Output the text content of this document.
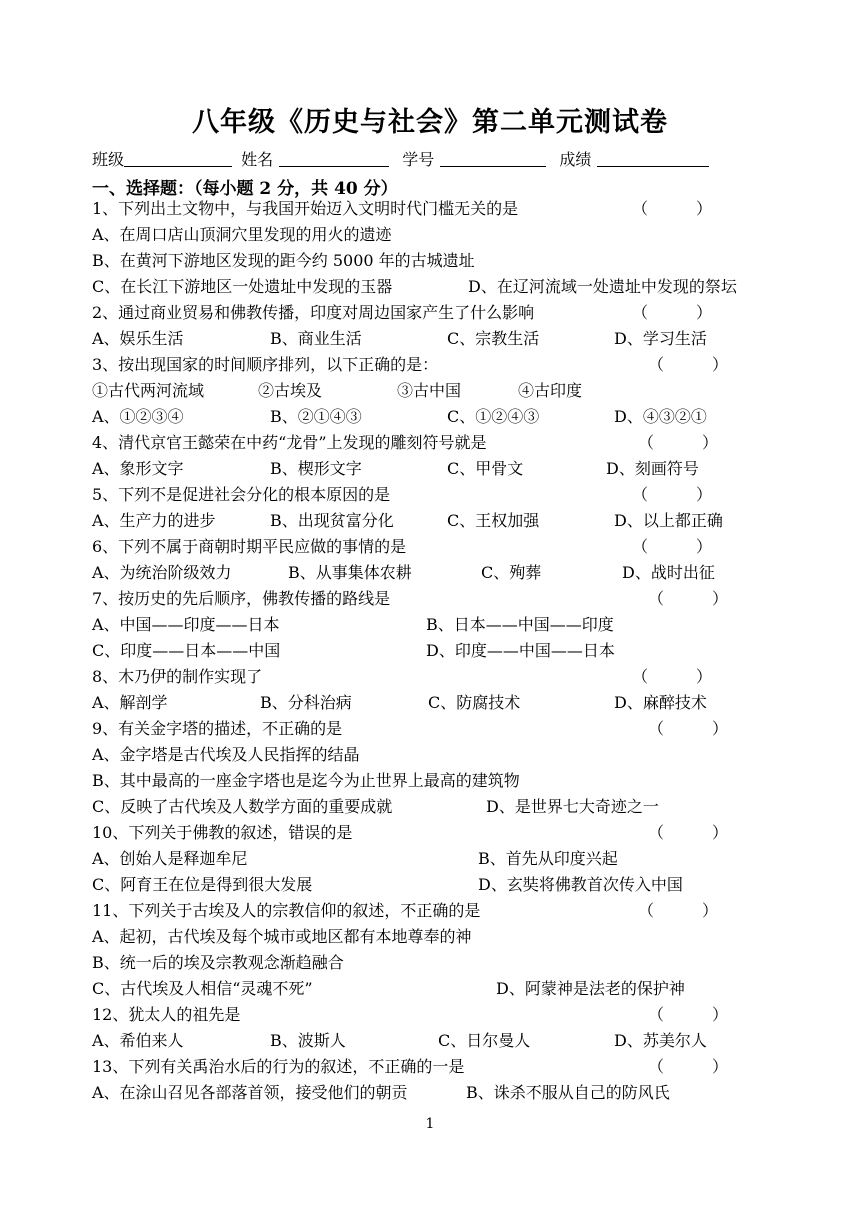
八年级《历史与社会》第二单元测试卷
班级	姓名	学号	成绩
一、选择题：（每小题 2 分，共 40 分）
1、下列出土文物中，与我国开始迈入文明时代门槛无关的是	（　　　）
A、在周口店山顶洞穴里发现的用火的遗迹
B、在黄河下游地区发现的距今约 5000 年的古城遗址
C、在长江下游地区一处遗址中发现的玉器	D、在辽河流域一处遗址中发现的祭坛
2、通过商业贸易和佛教传播，印度对周边国家产生了什么影响	（　　　）
A、娱乐生活	B、商业生活	C、宗教生活	D、学习生活
3、按出现国家的时间顺序排列，以下正确的是：	（　　　）
①古代两河流域	②古埃及	③古中国	④古印度
A、①②③④	B、②①④③	C、①②④③	D、④③②①
4、清代京官王懿荣在中药“龙骨”上发现的雕刻符号就是	（　　　）
A、象形文字	B、楔形文字	C、甲骨文	D、刻画符号
5、下列不是促进社会分化的根本原因的是	（　　　）
A、生产力的进步	B、出现贫富分化	C、王权加强	D、以上都正确
6、下列不属于商朝时期平民应做的事情的是	（　　　）
A、为统治阶级效力	B、从事集体农耕	C、殉葬	D、战时出征
7、按历史的先后顺序，佛教传播的路线是	（　　　）
A、中国——印度——日本	B、日本——中国——印度
C、印度——日本——中国	D、印度——中国——日本
8、木乃伊的制作实现了	（　　　）
A、解剖学	B、分科治病	C、防腐技术	D、麻醉技术
9、有关金字塔的描述，不正确的是	（　　　）
A、金字塔是古代埃及人民指挥的结晶
B、其中最高的一座金字塔也是迄今为止世界上最高的建筑物
C、反映了古代埃及人数学方面的重要成就	D、是世界七大奇迹之一
10、下列关于佛教的叙述，错误的是	（　　　）
A、创始人是释迦牟尼	B、首先从印度兴起
C、阿育王在位是得到很大发展	D、玄奘将佛教首次传入中国
11、下列关于古埃及人的宗教信仰的叙述，不正确的是	（　　　）
A、起初，古代埃及每个城市或地区都有本地尊奉的神
B、统一后的埃及宗教观念渐趋融合
C、古代埃及人相信“灵魂不死”	D、阿蒙神是法老的保护神
12、犹太人的祖先是	（　　　）
A、希伯来人	B、波斯人	C、日尔曼人	D、苏美尔人
13、下列有关禹治水后的行为的叙述，不正确的一是	（　　　）
A、在涂山召见各部落首领，接受他们的朝贡	B、诛杀不服从自己的防风氏
1
